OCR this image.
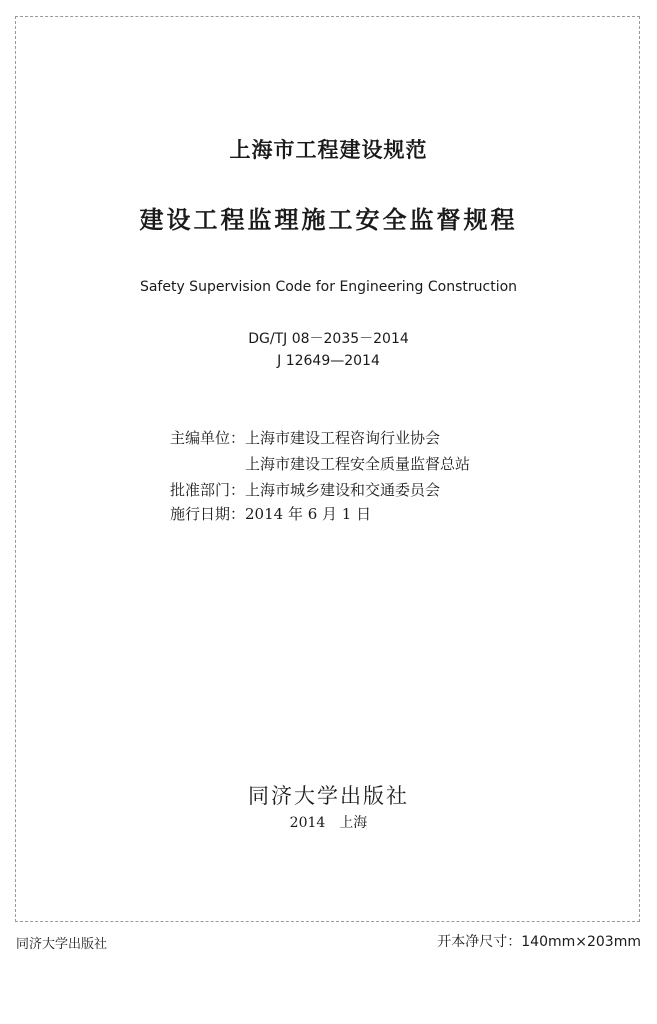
上海市工程建设规范
建设工程监理施工安全监督规程
Safety Supervision Code for Engineering Construction
DG/TJ 08－2035－2014
J 12649—2014
主编单位：上海市建设工程咨询行业协会
上海市建设工程安全质量监督总站
批准部门：上海市城乡建设和交通委员会
施行日期：2014 年 6 月 1 日
同济大学出版社
2014　上海
同济大学出版社	开本净尺寸：140mm×203mm
